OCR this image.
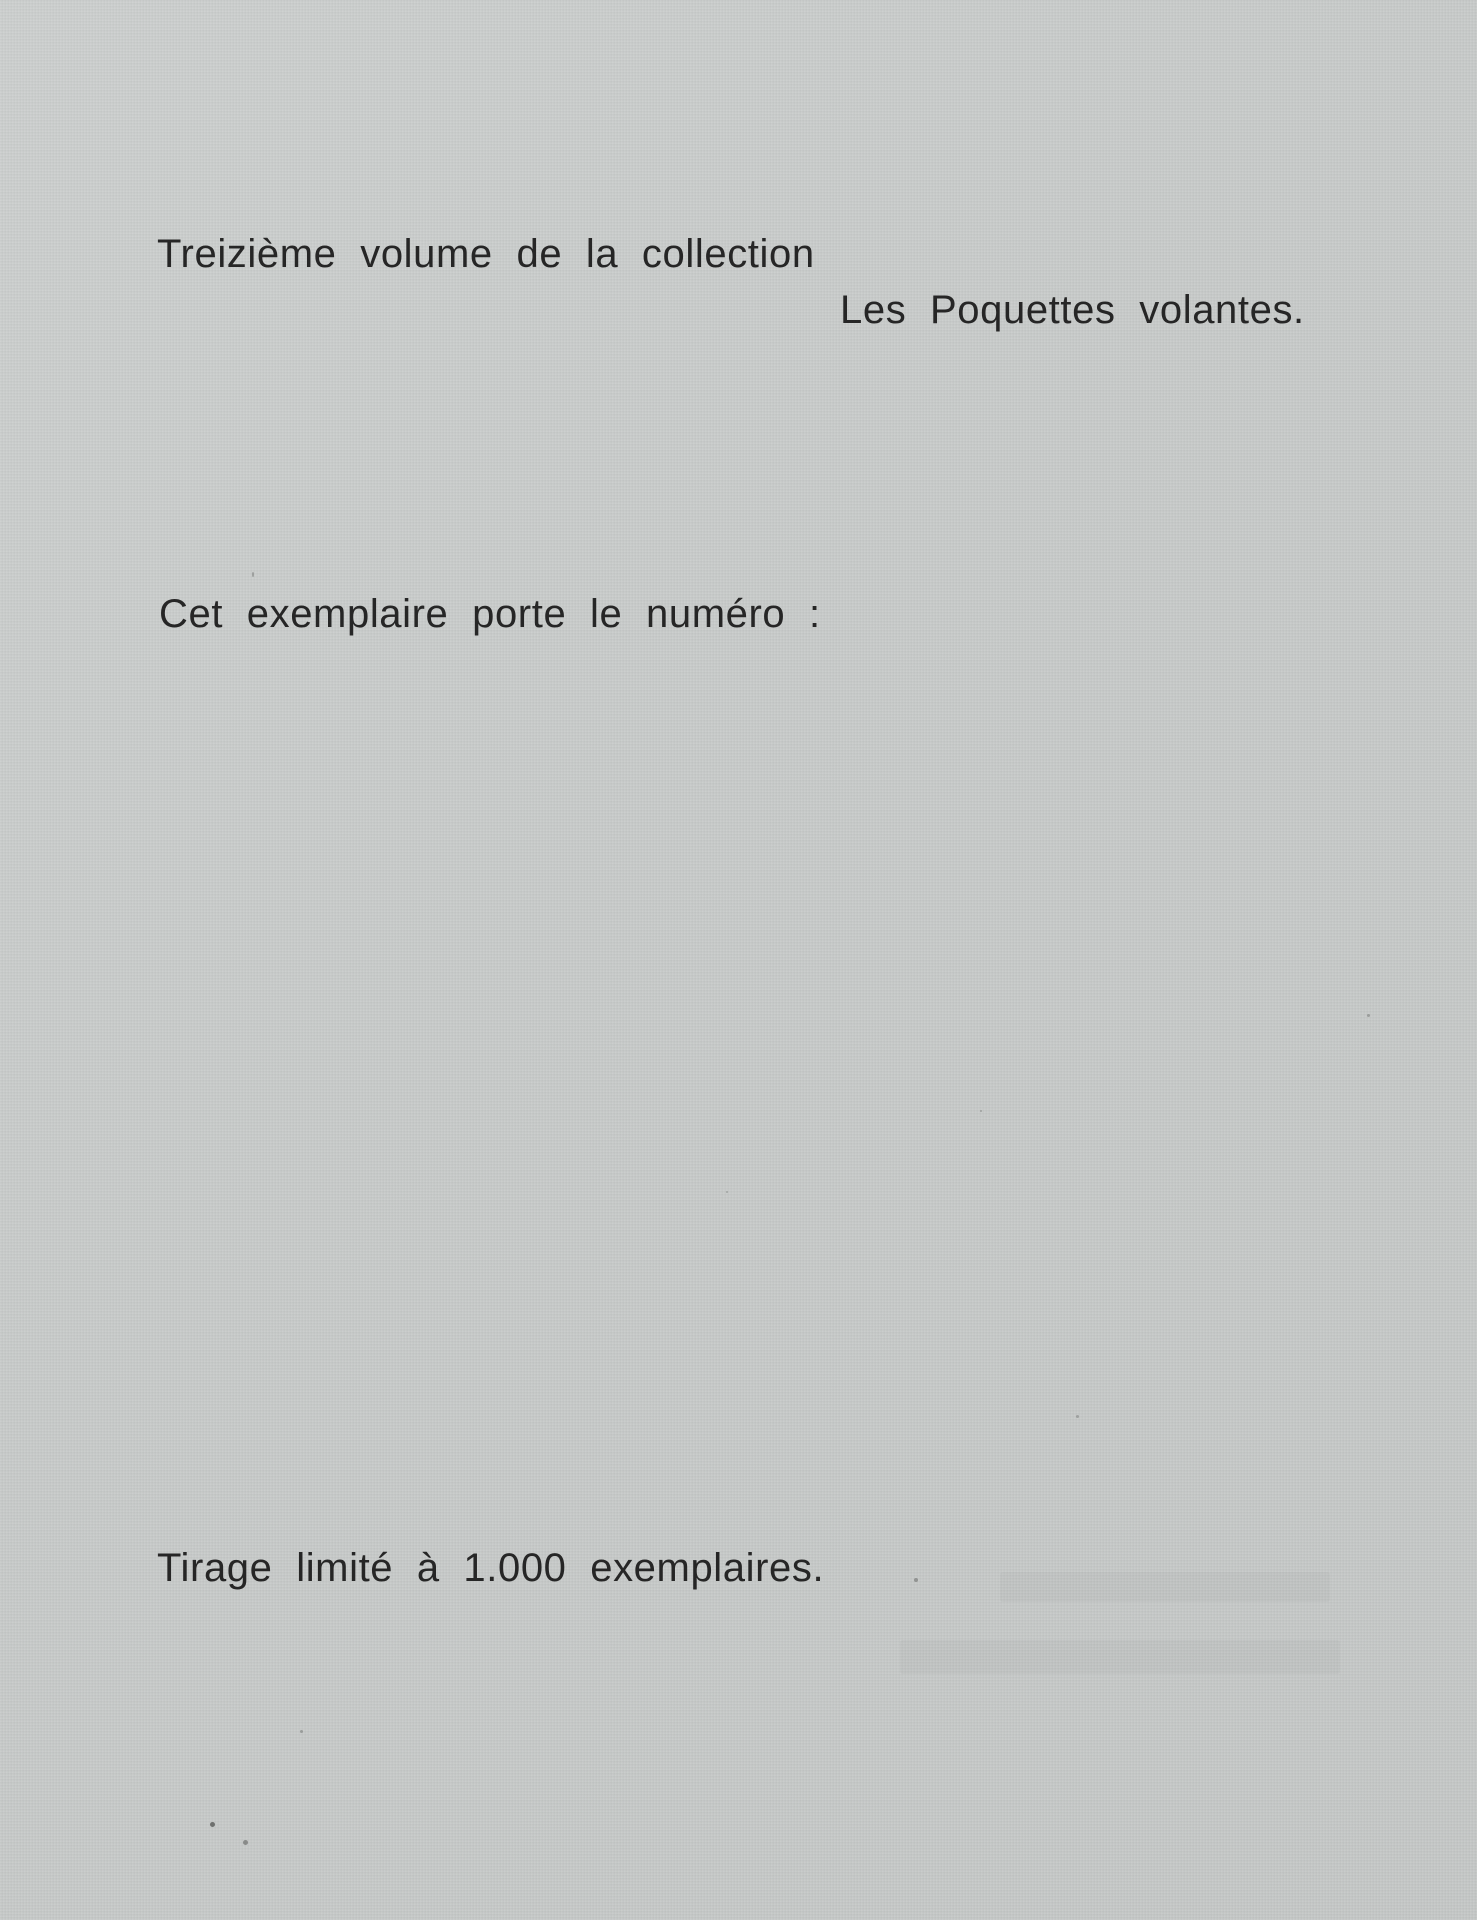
Treizième volume de la collection

Les Poquettes volantes.

Cet exemplaire porte le numéro :

Tirage limité à 1.000 exemplaires.
